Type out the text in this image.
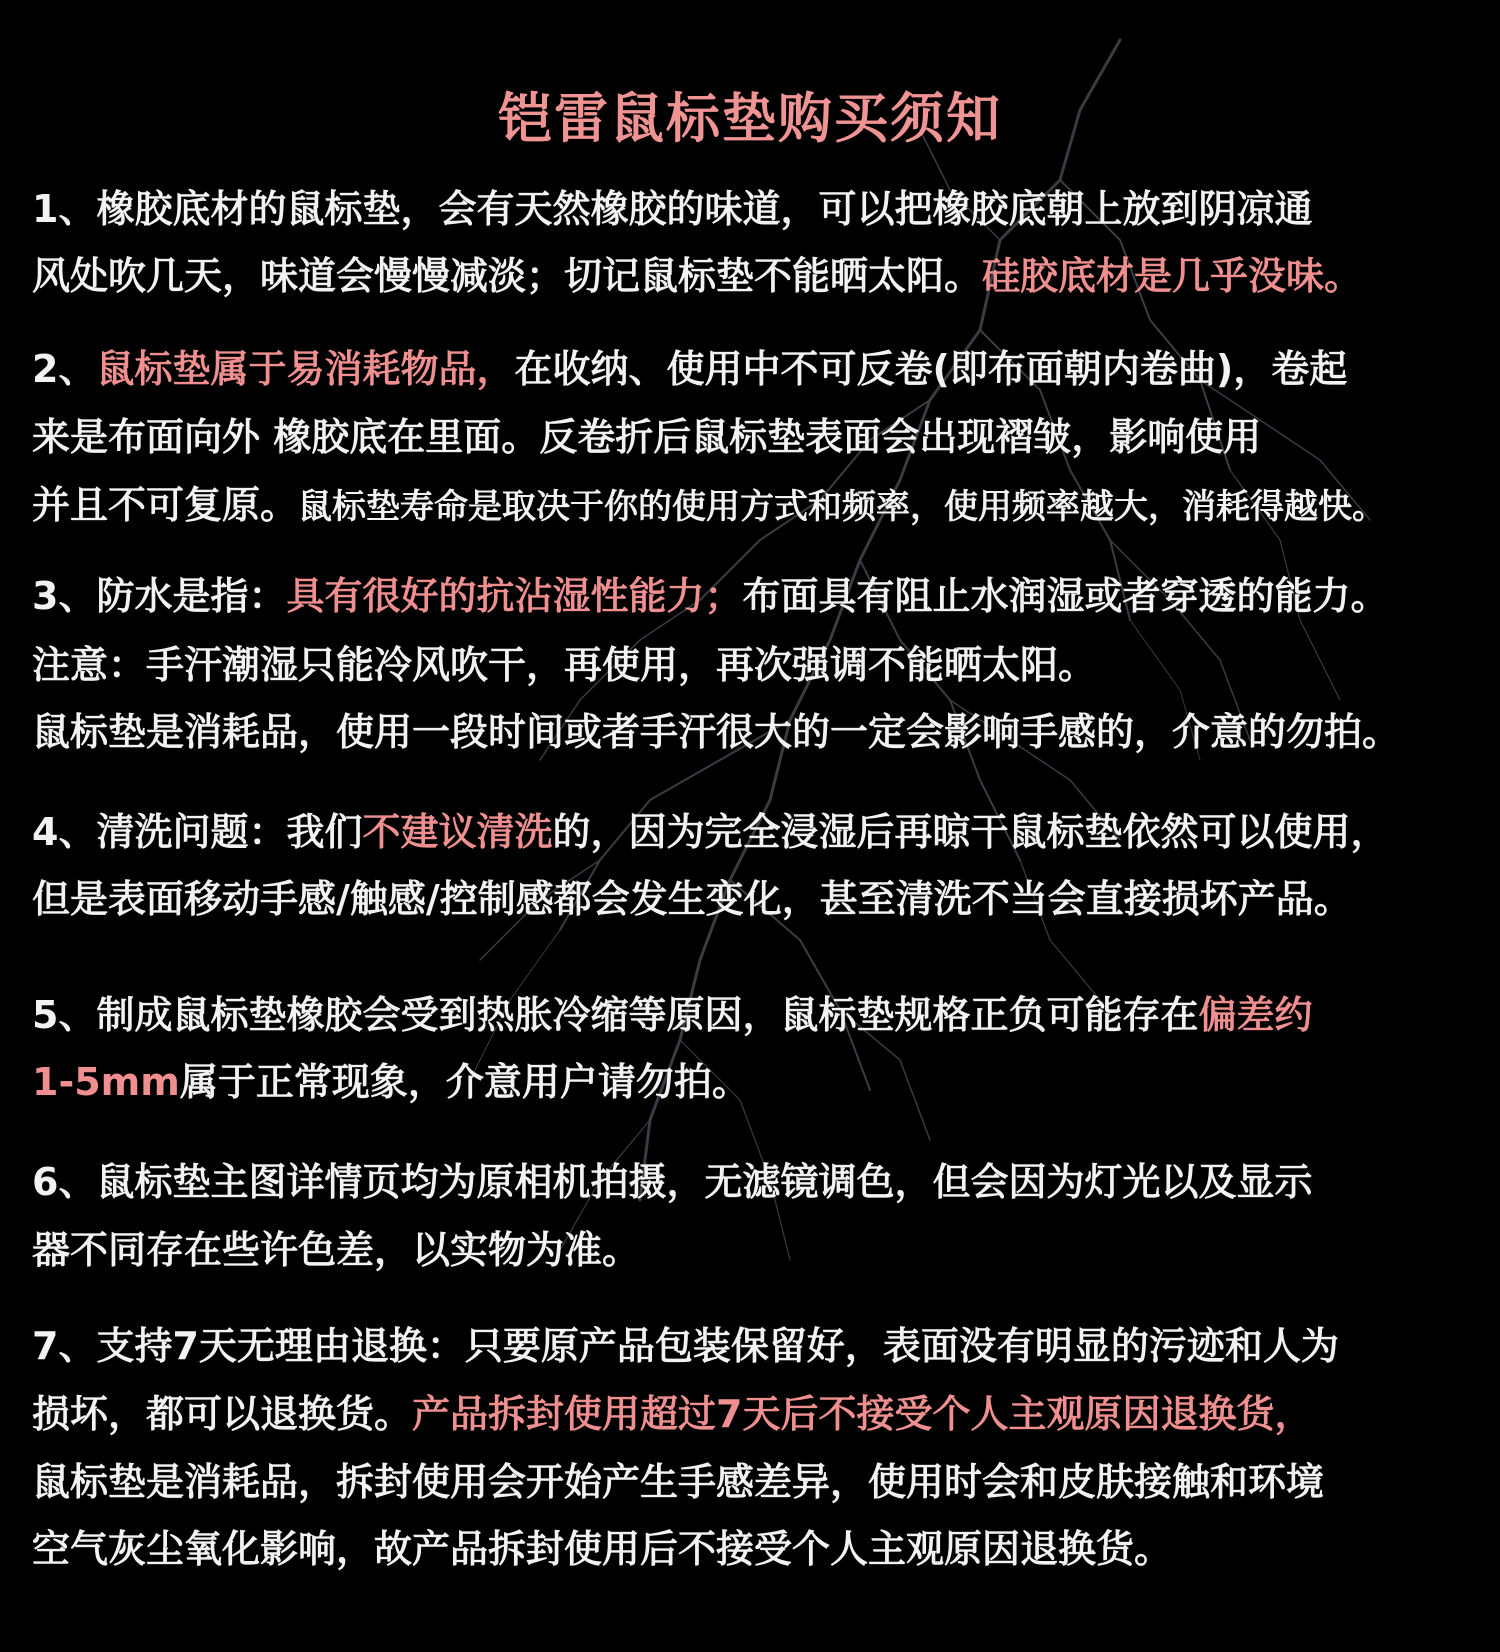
铠雷鼠标垫购买须知
1、橡胶底材的鼠标垫，会有天然橡胶的味道，可以把橡胶底朝上放到阴凉通
风处吹几天，味道会慢慢减淡；切记鼠标垫不能晒太阳。硅胶底材是几乎没味。
2、鼠标垫属于易消耗物品，在收纳、使用中不可反卷(即布面朝内卷曲)，卷起
来是布面向外 橡胶底在里面。反卷折后鼠标垫表面会出现褶皱，影响使用
并且不可复原。鼠标垫寿命是取决于你的使用方式和频率，使用频率越大，消耗得越快。
3、防水是指：具有很好的抗沾湿性能力；布面具有阻止水润湿或者穿透的能力。
注意：手汗潮湿只能冷风吹干，再使用，再次强调不能晒太阳。
鼠标垫是消耗品，使用一段时间或者手汗很大的一定会影响手感的，介意的勿拍。
4、清洗问题：我们不建议清洗的，因为完全浸湿后再晾干鼠标垫依然可以使用，
但是表面移动手感/触感/控制感都会发生变化，甚至清洗不当会直接损坏产品。
5、制成鼠标垫橡胶会受到热胀冷缩等原因，鼠标垫规格正负可能存在偏差约
1-5mm属于正常现象，介意用户请勿拍。
6、鼠标垫主图详情页均为原相机拍摄，无滤镜调色，但会因为灯光以及显示
器不同存在些许色差，以实物为准。
7、支持7天无理由退换：只要原产品包装保留好，表面没有明显的污迹和人为
损坏，都可以退换货。产品拆封使用超过7天后不接受个人主观原因退换货，
鼠标垫是消耗品，拆封使用会开始产生手感差异，使用时会和皮肤接触和环境
空气灰尘氧化影响，故产品拆封使用后不接受个人主观原因退换货。
